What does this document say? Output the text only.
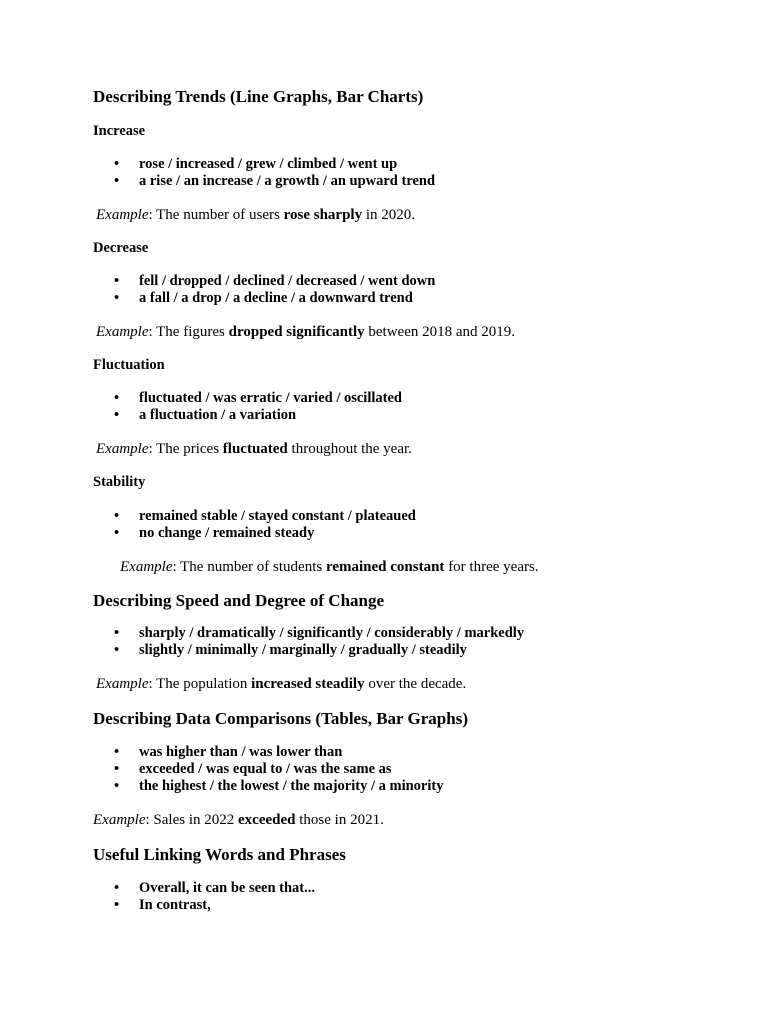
Describing Trends (Line Graphs, Bar Charts)
Increase
• rose / increased / grew / climbed / went up
• a rise / an increase / a growth / an upward trend

Example: The number of users rose sharply in 2020.

Decrease
• fell / dropped / declined / decreased / went down
• a fall / a drop / a decline / a downward trend

Example: The figures dropped significantly between 2018 and 2019.

Fluctuation
• fluctuated / was erratic / varied / oscillated
• a fluctuation / a variation

Example: The prices fluctuated throughout the year.

Stability
• remained stable / stayed constant / plateaued
• no change / remained steady

Example: The number of students remained constant for three years.

Describing Speed and Degree of Change
• sharply / dramatically / significantly / considerably / markedly
• slightly / minimally / marginally / gradually / steadily

Example: The population increased steadily over the decade.

Describing Data Comparisons (Tables, Bar Graphs)
• was higher than / was lower than
• exceeded / was equal to / was the same as
• the highest / the lowest / the majority / a minority

Example: Sales in 2022 exceeded those in 2021.

Useful Linking Words and Phrases
• Overall, it can be seen that...
• In contrast,
